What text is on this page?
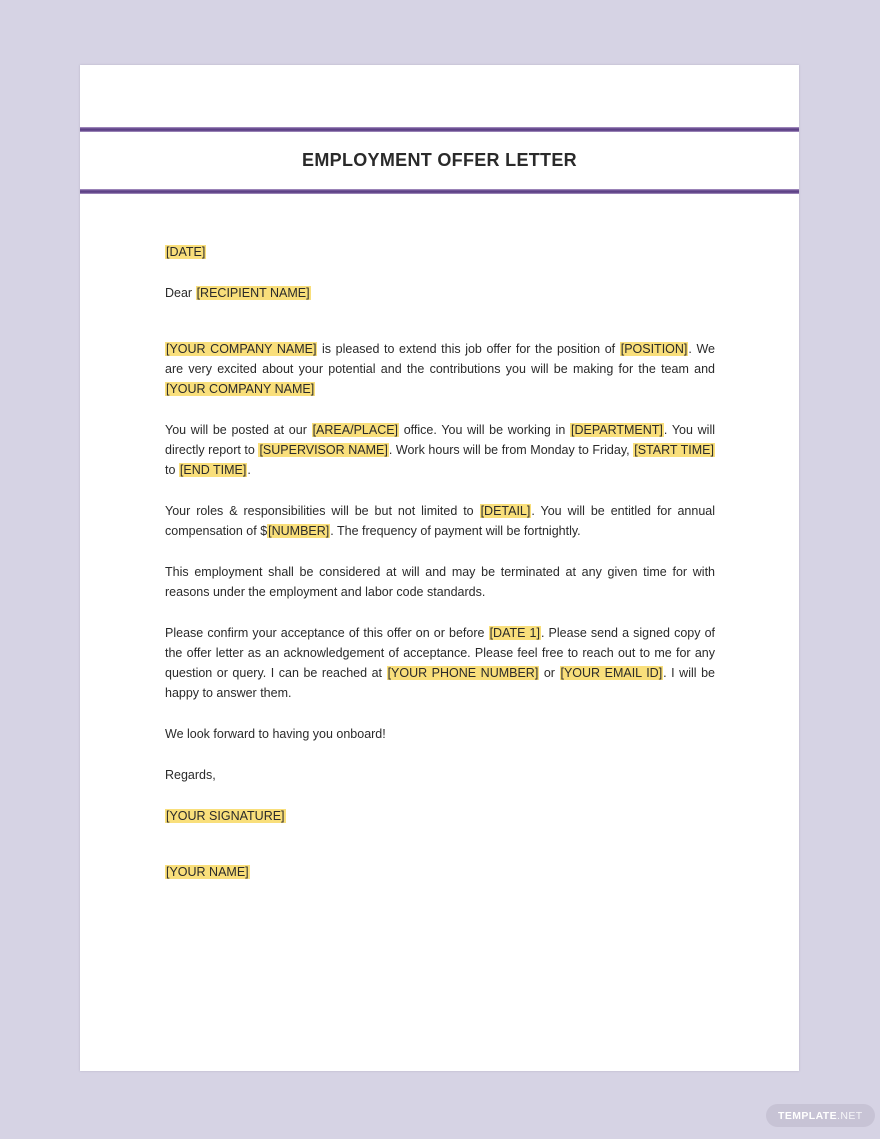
EMPLOYMENT OFFER LETTER

[DATE]

Dear [RECIPIENT NAME]

[YOUR COMPANY NAME] is pleased to extend this job offer for the position of [POSITION]. We are very excited about your potential and the contributions you will be making for the team and [YOUR COMPANY NAME]

You will be posted at our [AREA/PLACE] office. You will be working in [DEPARTMENT]. You will directly report to [SUPERVISOR NAME]. Work hours will be from Monday to Friday, [START TIME] to [END TIME].

Your roles & responsibilities will be but not limited to [DETAIL]. You will be entitled for annual compensation of $[NUMBER]. The frequency of payment will be fortnightly.

This employment shall be considered at will and may be terminated at any given time for with reasons under the employment and labor code standards.

Please confirm your acceptance of this offer on or before [DATE 1]. Please send a signed copy of the offer letter as an acknowledgement of acceptance. Please feel free to reach out to me for any question or query. I can be reached at [YOUR PHONE NUMBER] or [YOUR EMAIL ID]. I will be happy to answer them.

We look forward to having you onboard!

Regards,

[YOUR SIGNATURE]

[YOUR NAME]

TEMPLATE .NET
